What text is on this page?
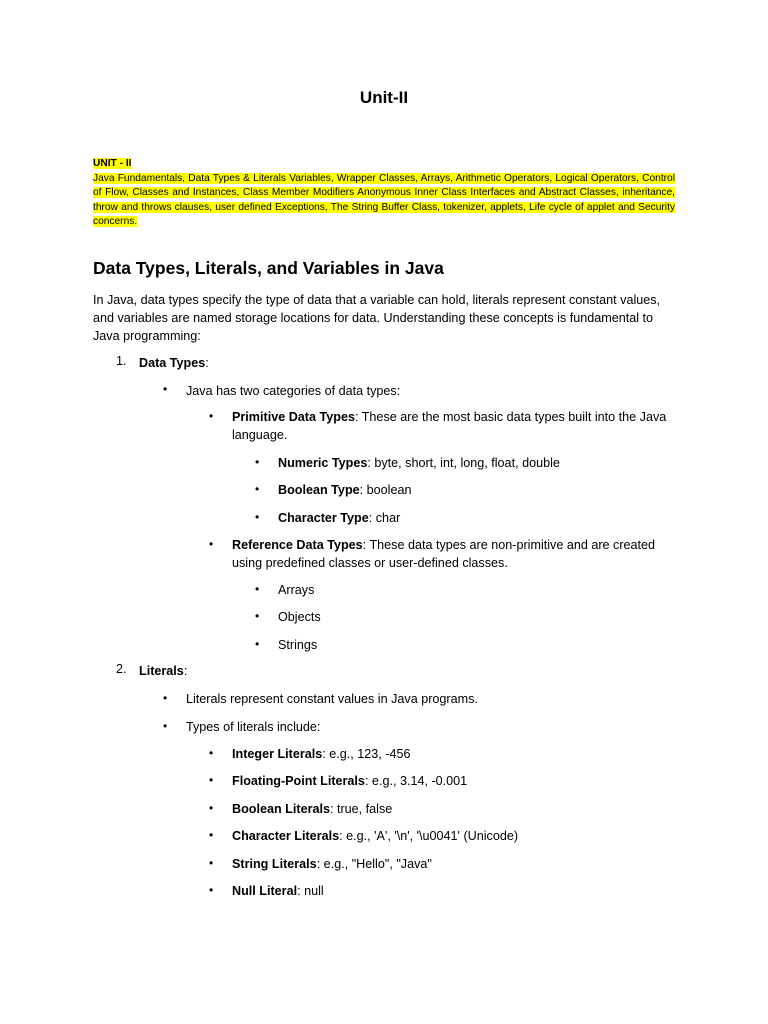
Unit-II
UNIT - II
Java Fundamentals, Data Types & Literals Variables, Wrapper Classes, Arrays, Arithmetic Operators, Logical Operators, Control of Flow, Classes and Instances, Class Member Modifiers Anonymous Inner Class Interfaces and Abstract Classes, inheritance, throw and throws clauses, user defined Exceptions, The String Buffer Class, tokenizer, applets, Life cycle of applet and Security concerns.
Data Types, Literals, and Variables in Java

In Java, data types specify the type of data that a variable can hold, literals represent constant values, and variables are named storage locations for data. Understanding these concepts is fundamental to Java programming:

1. Data Types:
• Java has two categories of data types:
• Primitive Data Types: These are the most basic data types built into the Java language.
• Numeric Types: byte, short, int, long, float, double
• Boolean Type: boolean
• Character Type: char
• Reference Data Types: These data types are non-primitive and are created using predefined classes or user-defined classes.
• Arrays
• Objects
• Strings
2. Literals:
• Literals represent constant values in Java programs.
• Types of literals include:
• Integer Literals: e.g., 123, -456
• Floating-Point Literals: e.g., 3.14, -0.001
• Boolean Literals: true, false
• Character Literals: e.g., 'A', '\n', '\u0041' (Unicode)
• String Literals: e.g., "Hello", "Java"
• Null Literal: null
